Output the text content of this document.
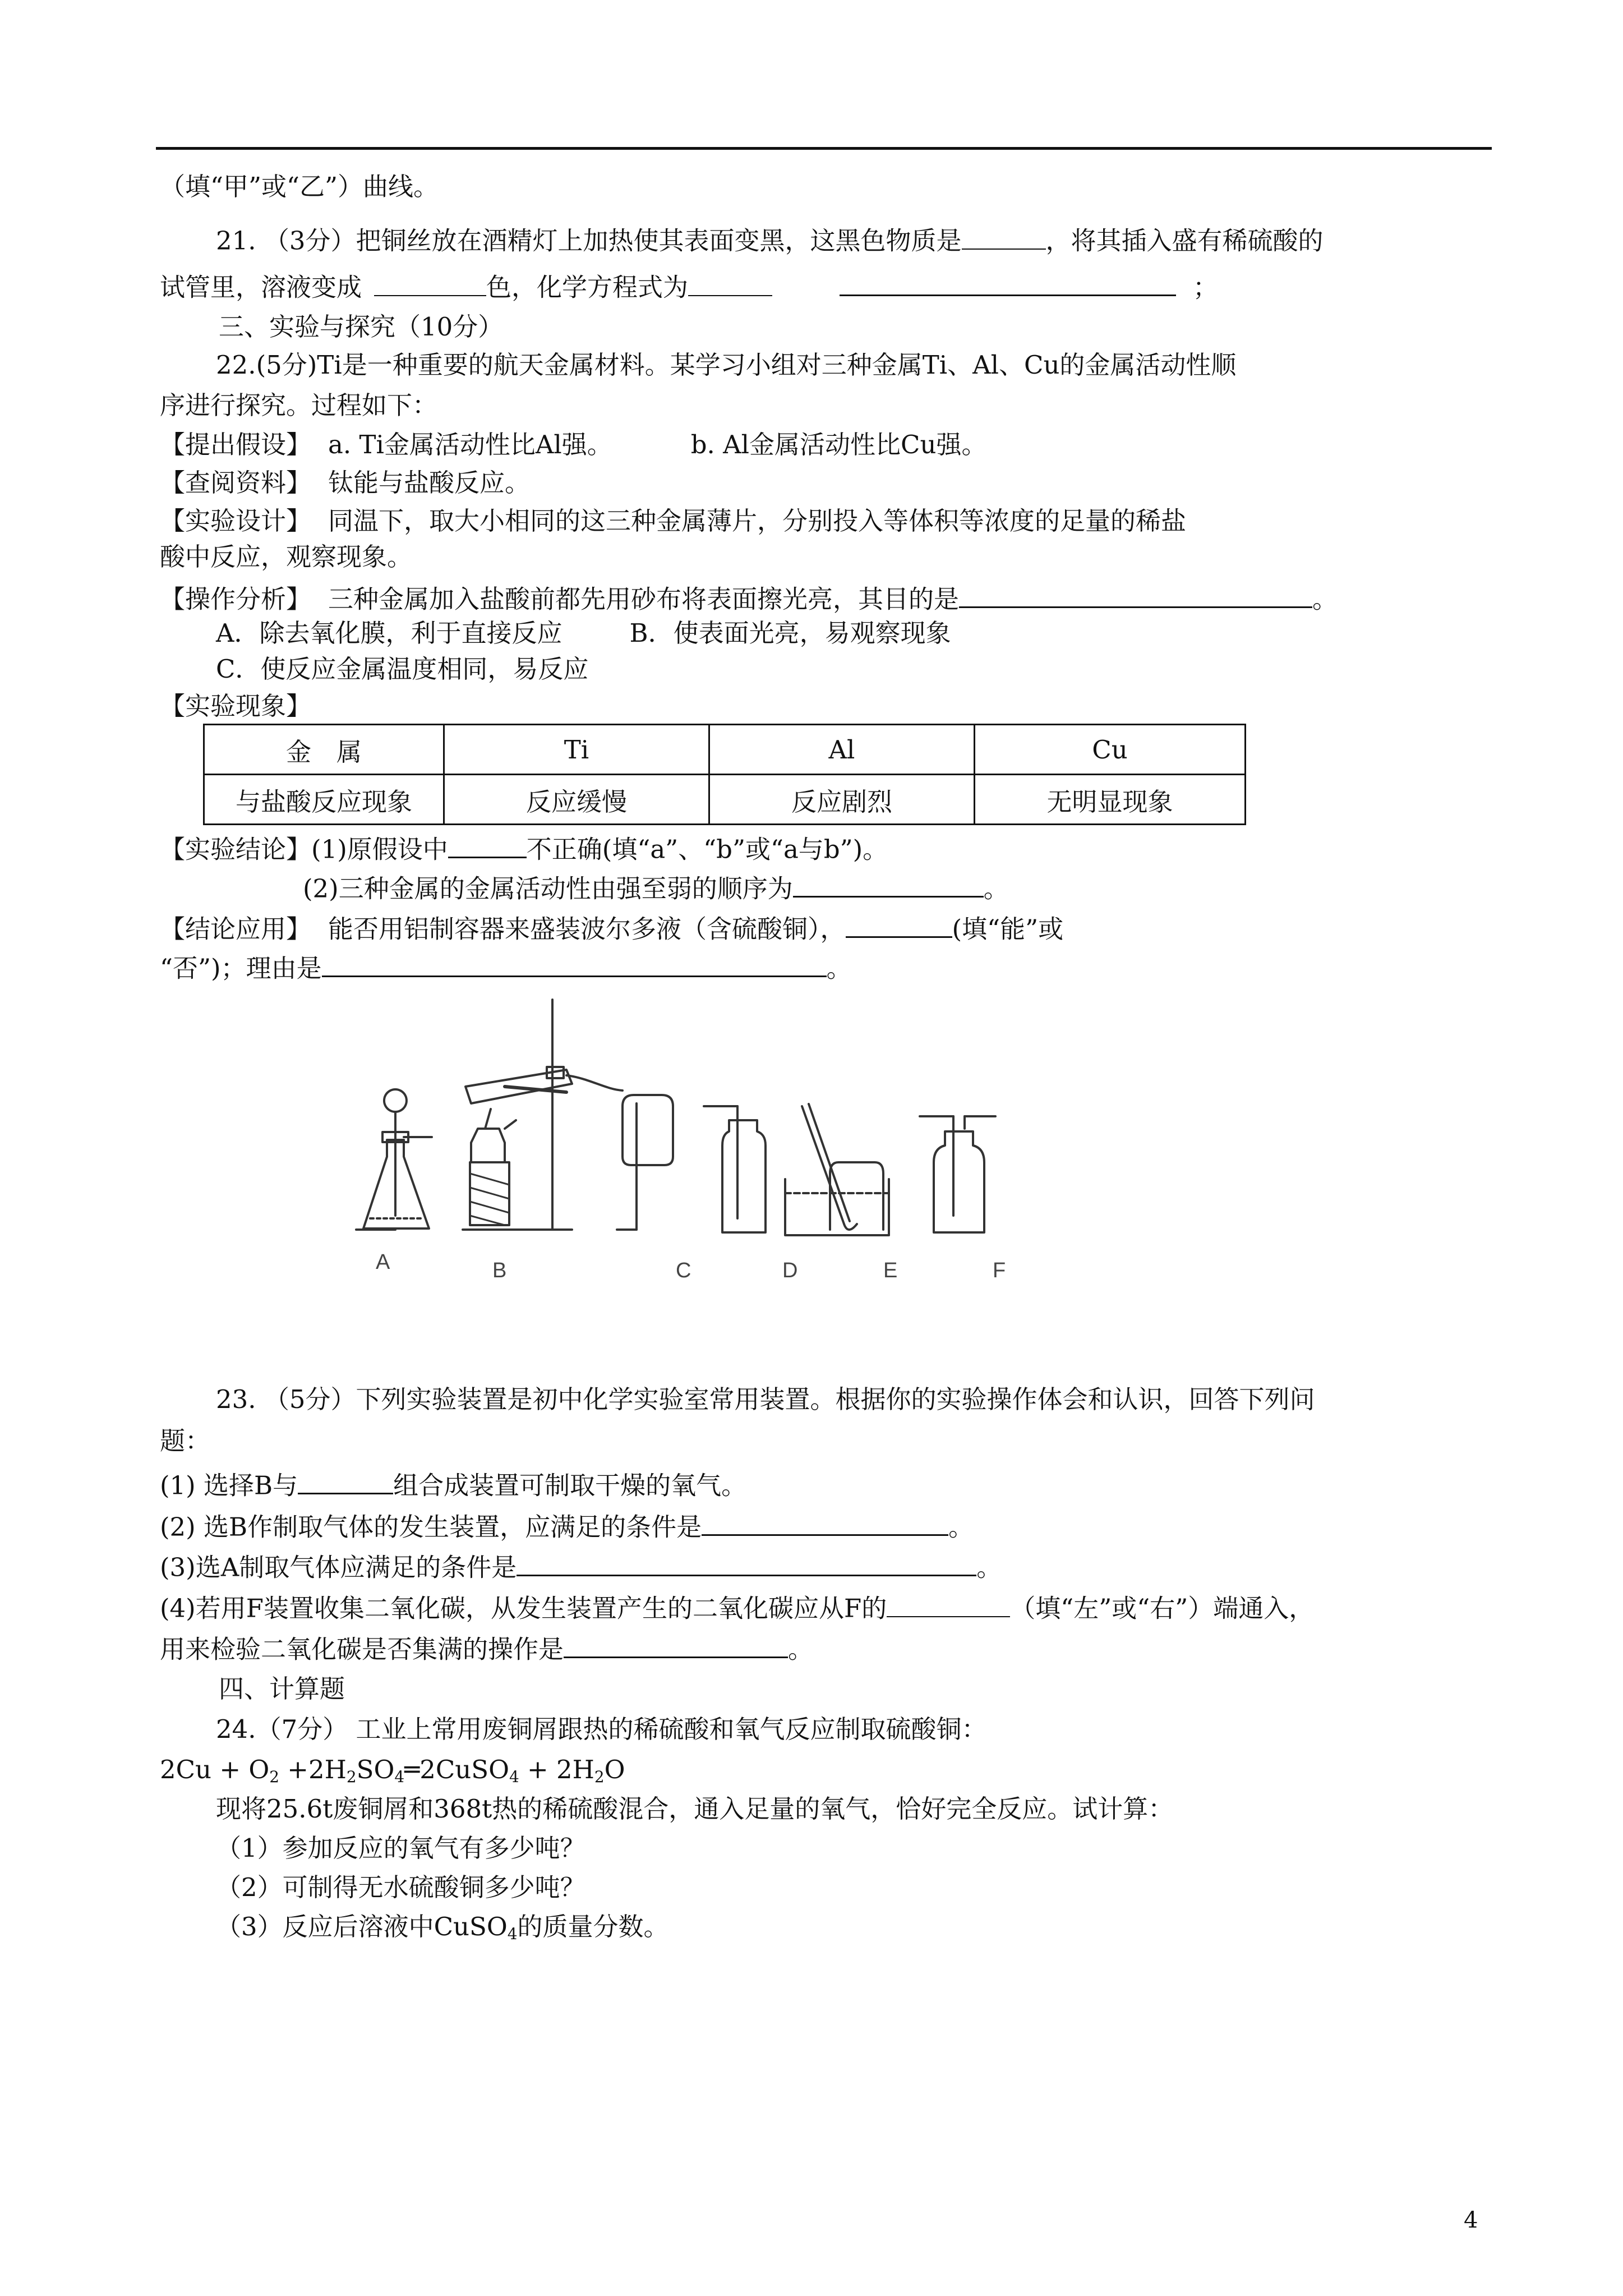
（填“甲”或“乙”）曲线。
21. （3分）把铜丝放在酒精灯上加热使其表面变黑，这黑色物质是	，将其插入盛有稀硫酸的
试管里，溶液变成	色，化学方程式为	；
三、实验与探究（10分）
22.(5分)Ti是一种重要的航天金属材料。某学习小组对三种金属Ti、Al、Cu的金属活动性顺
序进行探究。过程如下：
【提出假设】 a. Ti金属活动性比Al强。	b. Al金属活动性比Cu强。
【查阅资料】 钛能与盐酸反应。
【实验设计】 同温下，取大小相同的这三种金属薄片，分别投入等体积等浓度的足量的稀盐
酸中反应，观察现象。
【操作分析】 三种金属加入盐酸前都先用砂布将表面擦光亮，其目的是	。
A．除去氧化膜，利于直接反应	B．使表面光亮，易观察现象
C．使反应金属温度相同，易反应
【实验现象】
金　属	Ti	Al	Cu
与盐酸反应现象	反应缓慢	反应剧烈	无明显现象
【实验结论】(1)原假设中	不正确(填“a”、“b”或“a与b”)。
(2)三种金属的金属活动性由强至弱的顺序为	。
【结论应用】 能否用铝制容器来盛装波尔多液（含硫酸铜），	(填“能”或
“否”)；理由是	。
A	B	C	D	E	F
23. （5分）下列实验装置是初中化学实验室常用装置。根据你的实验操作体会和认识，回答下列问
题：
(1) 选择B与	组合成装置可制取干燥的氧气。
(2) 选B作制取气体的发生装置，应满足的条件是	。
(3)选A制取气体应满足的条件是	。
(4)若用F装置收集二氧化碳，从发生装置产生的二氧化碳应从F的	（填“左”或“右”）端通入，
用来检验二氧化碳是否集满的操作是	。
四、计算题
24.（7分） 工业上常用废铜屑跟热的稀硫酸和氧气反应制取硫酸铜：
$2Cu + O_2$ $+2H_2SO_4═2CuSO_4 + 2H_2O$
现将25.6t废铜屑和368t热的稀硫酸混合，通入足量的氧气，恰好完全反应。试计算：
（1）参加反应的氧气有多少吨？
（2）可制得无水硫酸铜多少吨？
（3）反应后溶液中CuSO$_4$的质量分数。
4
